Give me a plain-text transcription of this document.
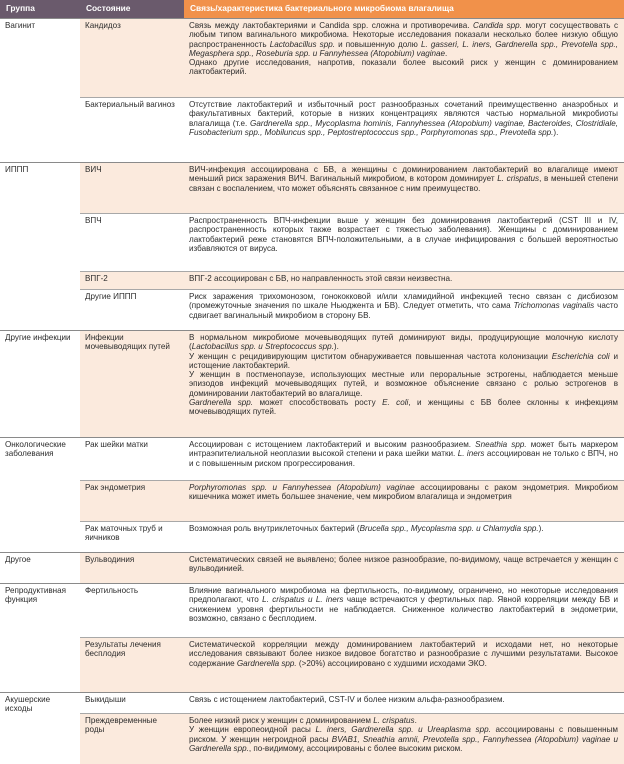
Группа	Состояние	Связь/характеристика бактериального микробиома влагалища
Вагинит	Кандидоз	Связь между лактобактериями и Candida spp. сложна и противоречива. Candida spp. могут сосуществовать с любым типом вагинального микробиома. Некоторые исследования показали несколько более низкую общую распространенность Lactobacillus spp. и повышенную долю L. gasseri, L. iners, Gardnerella spp., Prevotella spp., Megasphera spp., Roseburia spp. и Fannyhessea (Atopobium) vaginae.
Однако другие исследования, напротив, показали более высокий риск у женщин с доминированием лактобактерий.

	Бактериальный вагиноз	Отсутствие лактобактерий и избыточный рост разнообразных сочетаний преимущественно анаэробных и факультативных бактерий, которые в низких концентрациях являются частью нормальной микробиоты влагалища (т.е. Gardnerella spp., Mycoplasma hominis, Fannyhessea (Atopobium) vaginae, Bacteroides, Clostridiale, Fusobacterium spp., Mobiluncus spp., Peptostreptococcus spp., Porphyromonas spp., Prevotella spp.).

ИППП	ВИЧ	ВИЧ-инфекция ассоциирована с БВ, а женщины с доминированием лактобактерий во влагалище имеют меньший риск заражения ВИЧ. Вагинальный микробиом, в котором доминирует L. crispatus, в меньшей степени связан с воспалением, что может объяснять связанное с ним преимущество.

	ВПЧ	Распространенность ВПЧ-инфекции выше у женщин без доминирования лактобактерий (CST III и IV, распространенность которых также возрастает с тяжестью заболевания). Женщины с доминированием лактобактерий реже становятся ВПЧ-положительными, а в случае инфицирования с большей вероятностью избавляются от вируса.

	ВПГ-2	ВПГ-2 ассоциирован с БВ, но направленность этой связи неизвестна.

	Другие ИППП	Риск заражения трихомонозом, гонококковой и/или хламидийной инфекцией тесно связан с дисбиозом (промежуточные значения по шкале Ньюджента и БВ). Следует отметить, что сама Trichomonas vaginalis часто сдвигает вагинальный микробиом в сторону БВ.

Другие инфекции	Инфекции мочевыводящих путей	В нормальном микробиоме мочевыводящих путей доминируют виды, продуцирующие молочную кислоту (Lactobacillus spp. и Streptococcus spp.).
У женщин с рецидивирующим циститом обнаруживается повышенная частота колонизации Escherichia coli и истощение лактобактерий.
У женщин в постменопаузе, использующих местные или пероральные эстрогены, наблюдается меньше эпизодов инфекций мочевыводящих путей, и возможное объяснение связано с ролью эстрогенов в доминировании лактобактерий во влагалище.
Gardnerella spp. может способствовать росту E. coli, и женщины с БВ более склонны к инфекциям мочевыводящих путей.

Онкологические заболевания	Рак шейки матки	Ассоциирован с истощением лактобактерий и высоким разнообразием. Sneathia spp. может быть маркером интраэпителиальной неоплазии высокой степени и рака шейки матки. L. iners ассоциирован не только с ВПЧ, но и с повышенным риском прогрессирования.

	Рак эндометрия	Porphyromonas spp. и Fannyhessea (Atopobium) vaginae ассоциированы с раком эндометрия. Микробиом кишечника может иметь большее значение, чем микробиом влагалища и эндометрия

	Рак маточных труб и яичников	Возможная роль внутриклеточных бактерий (Brucella spp., Mycoplasma spp. и Chlamydia spp.).

Другое	Вульводиния	Систематических связей не выявлено; более низкое разнообразие, по-видимому, чаще встречается у женщин с вульводинией.

Репродуктивная функция	Фертильность	Влияние вагинального микробиома на фертильность, по-видимому, ограничено, но некоторые исследования предполагают, что L. crispatus и L. iners чаще встречаются у фертильных пар. Явной корреляции между БВ и снижением уровня фертильности не наблюдается. Сниженное количество лактобактерий в эндометрии, возможно, связано с бесплодием.

	Результаты лечения бесплодия	Систематической корреляции между доминированием лактобактерий и исходами нет, но некоторые исследования связывают более низкое видовое богатство и разнообразие с лучшими результатами. Высокое содержание Gardnerella spp. (>20%) ассоциировано с худшими исходами ЭКО.

Акушерские исходы	Выкидыши	Связь с истощением лактобактерий, CST-IV и более низким альфа-разнообразием.

	Преждевременные роды	Более низкий риск у женщин с доминированием L. crispatus.
У женщин европеоидной расы L. iners, Gardnerella spp. и Ureaplasma spp. ассоциированы с повышенным риском. У женщин негроидной расы BVAB1, Sneathia amnii, Prevotella spp., Fannyhessea (Atopobium) vaginae и Gardnerella spp., по-видимому, ассоциированы с более высоким риском.
